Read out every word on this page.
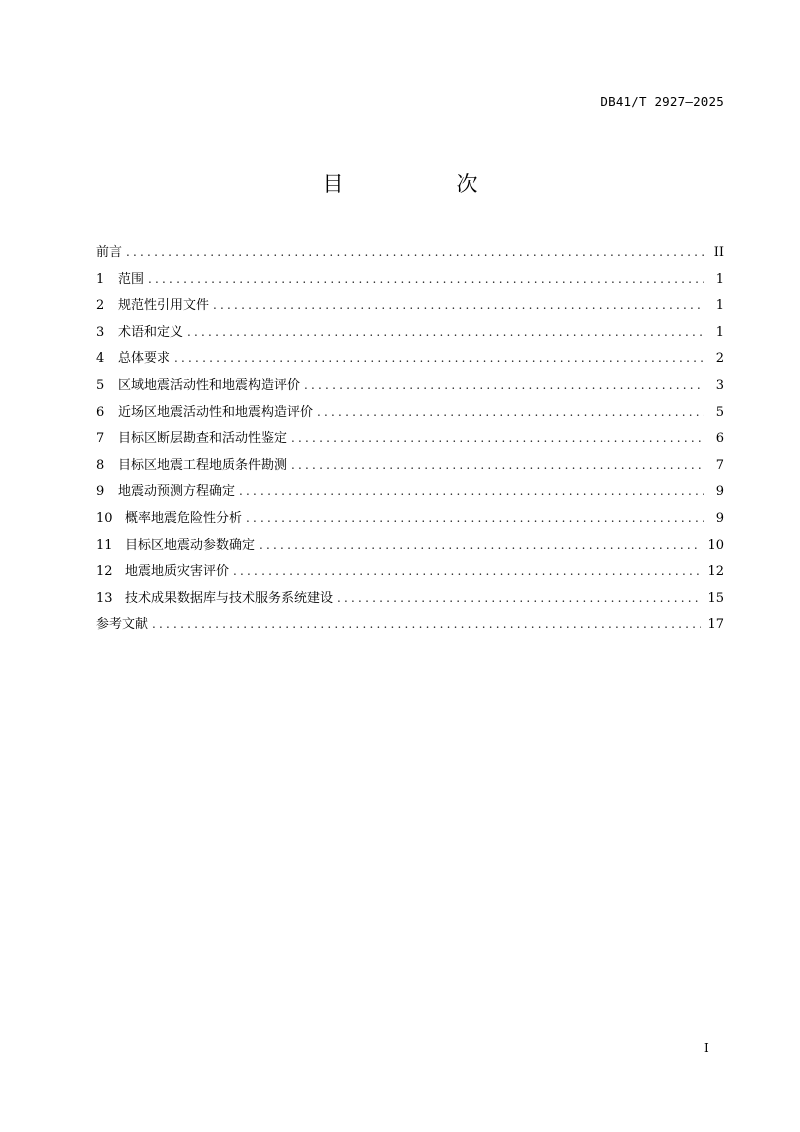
DB41/T 2927—2025
目　次
前言 .....	II
1	范围 .....	1
2	规范性引用文件 .....	1
3	术语和定义 .....	1
4	总体要求 .....	2
5	区域地震活动性和地震构造评价 .....	3
6	近场区地震活动性和地震构造评价 .....	5
7	目标区断层勘查和活动性鉴定 .....	6
8	目标区地震工程地质条件勘测 .....	7
9	地震动预测方程确定 .....	9
10 概率地震危险性分析 .....	9
11 目标区地震动参数确定 .....	10
12 地震地质灾害评价 .....	12
13 技术成果数据库与技术服务系统建设 .....	15
参考文献 .....	17
I
